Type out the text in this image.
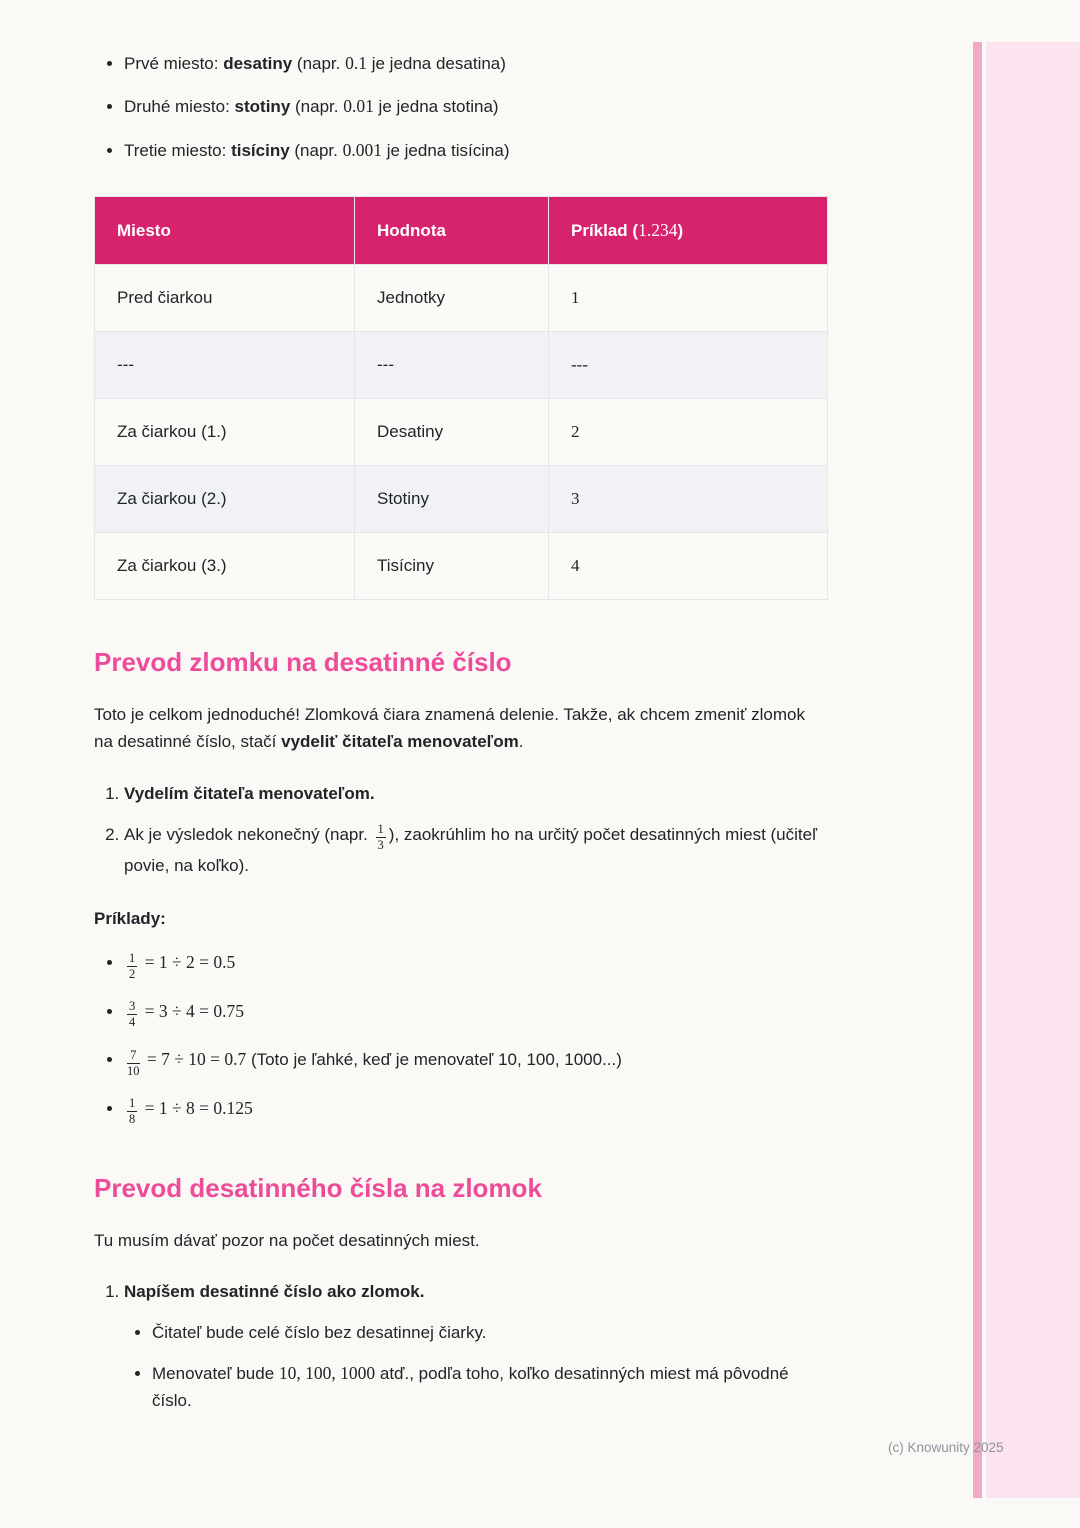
• Prvé miesto: desatiny (napr. 0.1 je jedna desatina)
• Druhé miesto: stotiny (napr. 0.01 je jedna stotina)
• Tretie miesto: tisíciny (napr. 0.001 je jedna tisícina)
Miesto	Hodnota	Príklad (1.234)
Pred čiarkou	Jednotky	1
---	---	---
Za čiarkou (1.)	Desatiny	2
Za čiarkou (2.)	Stotiny	3
Za čiarkou (3.)	Tisíciny	4
Prevod zlomku na desatinné číslo

Toto je celkom jednoduché! Zlomková čiara znamená delenie. Takže, ak chcem zmeniť zlomok na desatinné číslo, stačí vydeliť čitateľa menovateľom.

1. Vydelím čitateľa menovateľom.
2. Ak je výsledok nekonečný (napr. $\frac{1}{3}$ ), zaokrúhlim ho na určitý počet desatinných miest (učiteľ povie, na koľko).

Príklady:

• $\frac{1}{2} = 1 \div 2 = 0.5$
• $\frac{3}{4} = 3 \div 4 = 0.75$
• $\frac{7}{10} = 7 \div 10 = 0.7$ (Toto je ľahké, keď je menovateľ 10, 100, 1000...)
• $\frac{1}{8} = 1 \div 8 = 0.125$
Prevod desatinného čísla na zlomok

Tu musím dávať pozor na počet desatinných miest.

1. Napíšem desatinné číslo ako zlomok.
• Čitateľ bude celé číslo bez desatinnej čiarky.
• Menovateľ bude 10, 100, 1000 atď., podľa toho, koľko desatinných miest má pôvodné číslo.
(c) Knowunity 2025
